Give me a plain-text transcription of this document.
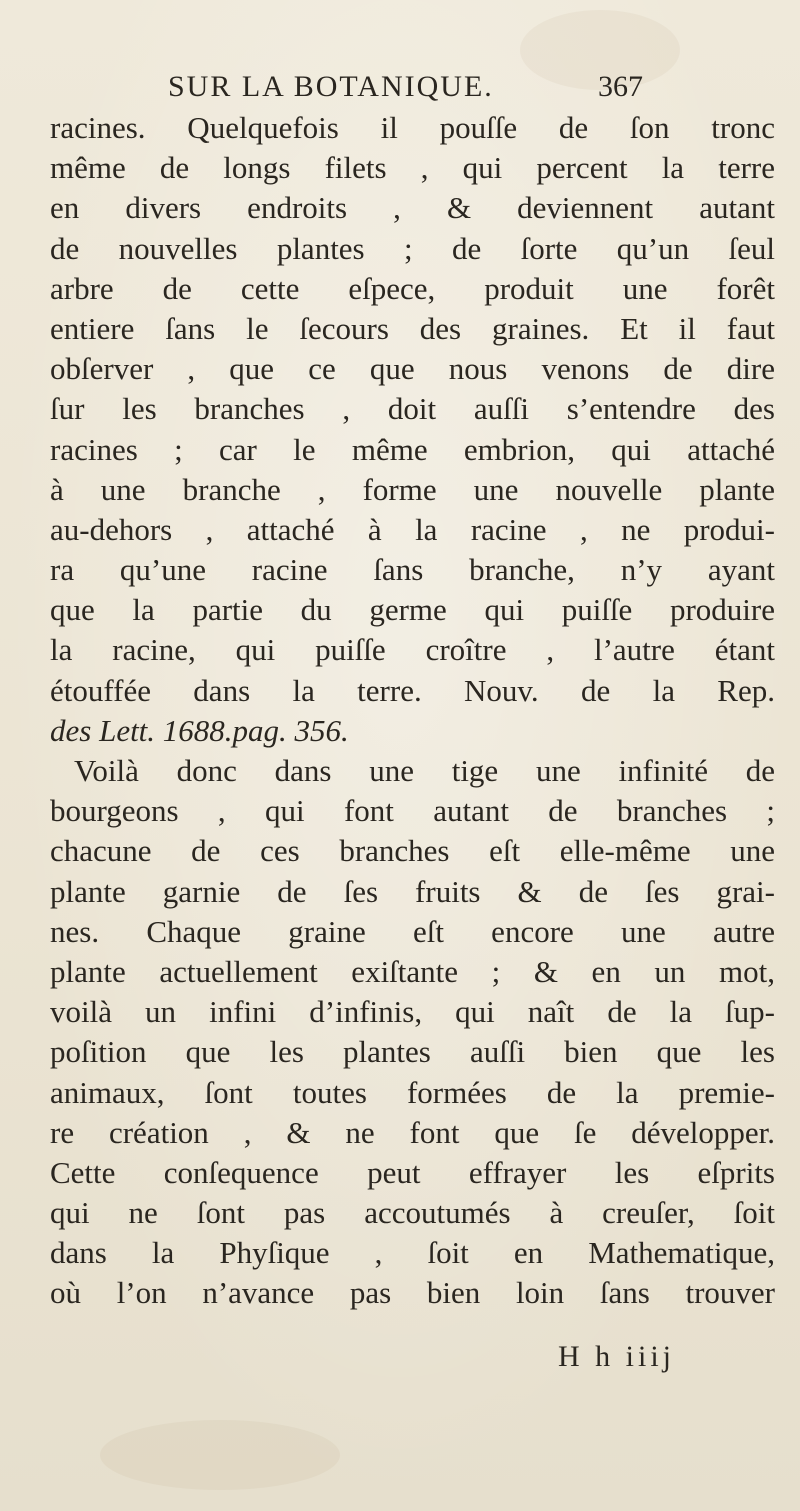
SUR LA BOTANIQUE.	367
racines. Quelquefois il pouſſe de ſon tronc
même de longs filets , qui percent la terre
en divers endroits , & deviennent autant
de nouvelles plantes ; de ſorte qu’un ſeul
arbre de cette eſpece, produit une forêt
entiere ſans le ſecours des graines. Et il faut
obſerver , que ce que nous venons de dire
ſur les branches , doit auſſi s’entendre des
racines ; car le même embrion, qui attaché
à une branche , forme une nouvelle plante
au-dehors , attaché à la racine , ne produi-
ra qu’une racine ſans branche, n’y ayant
que la partie du germe qui puiſſe produire
la racine, qui puiſſe croître , l’autre étant
étouffée dans la terre. Nouv. de la Rep.
des Lett. 1688.pag. 356.
Voilà donc dans une tige une infinité de
bourgeons , qui font autant de branches ;
chacune de ces branches eſt elle-même une
plante garnie de ſes fruits & de ſes grai-
nes. Chaque graine eſt encore une autre
plante actuellement exiſtante ; & en un mot,
voilà un infini d’infinis, qui naît de la ſup-
poſition que les plantes auſſi bien que les
animaux, ſont toutes formées de la premie-
re création , & ne font que ſe développer.
Cette conſequence peut effrayer les eſprits
qui ne ſont pas accoutumés à creuſer, ſoit
dans la Phyſique , ſoit en Mathematique,
où l’on n’avance pas bien loin ſans trouver
H h iiij
